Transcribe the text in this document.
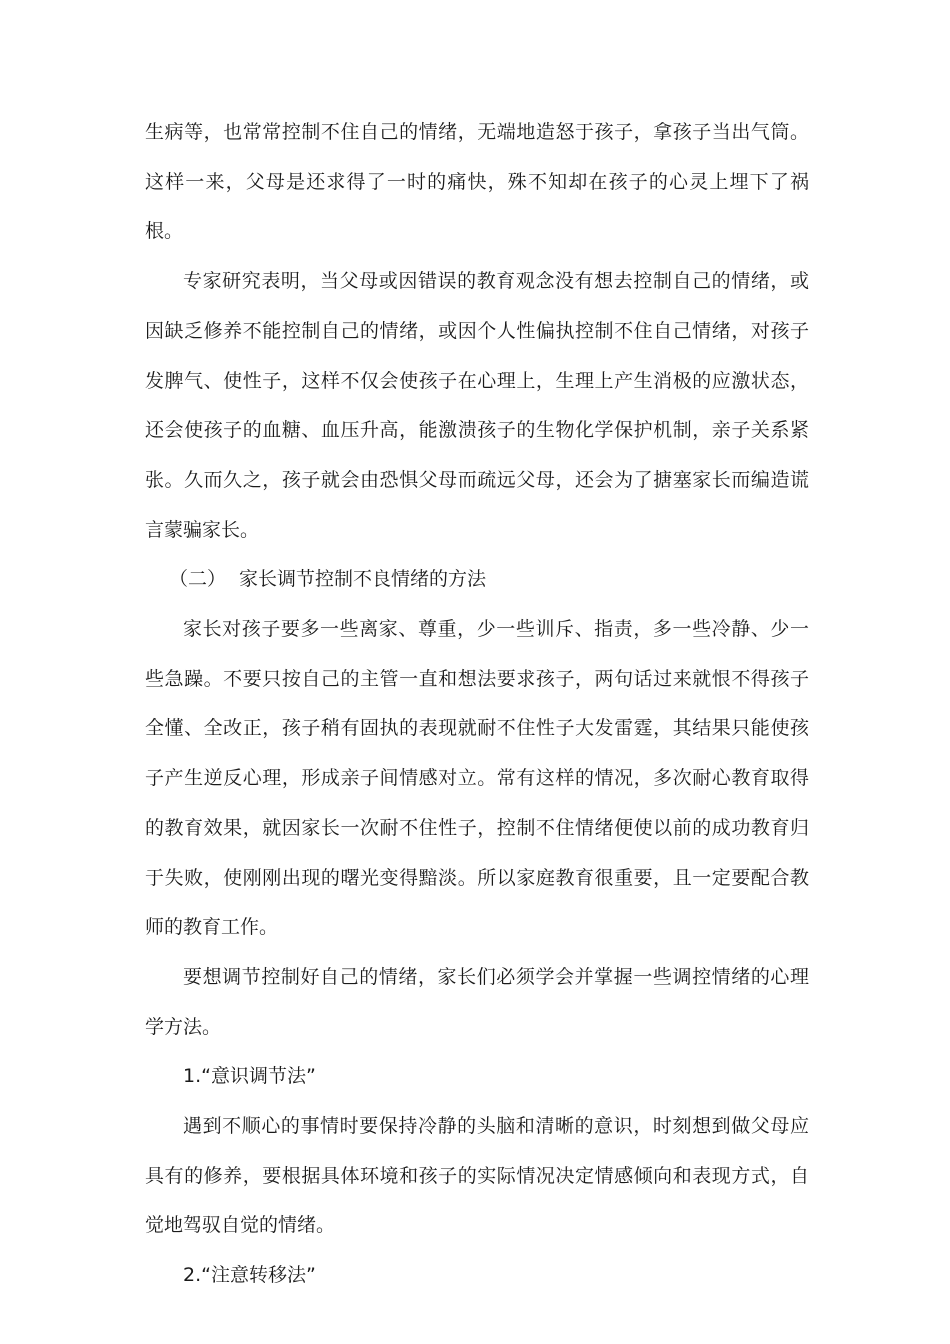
生病等，也常常控制不住自己的情绪，无端地造怒于孩子，拿孩子当出气筒。这样一来，父母是还求得了一时的痛快，殊不知却在孩子的心灵上埋下了祸根。

专家研究表明，当父母或因错误的教育观念没有想去控制自己的情绪，或因缺乏修养不能控制自己的情绪，或因个人性偏执控制不住自己情绪，对孩子发脾气、使性子，这样不仅会使孩子在心理上，生理上产生消极的应激状态，还会使孩子的血糖、血压升高，能激溃孩子的生物化学保护机制，亲子关系紧张。久而久之，孩子就会由恐惧父母而疏远父母，还会为了搪塞家长而编造谎言蒙骗家长。

（二） 家长调节控制不良情绪的方法

家长对孩子要多一些离家、尊重，少一些训斥、指责，多一些冷静、少一些急躁。不要只按自己的主管一直和想法要求孩子，两句话过来就恨不得孩子全懂、全改正，孩子稍有固执的表现就耐不住性子大发雷霆，其结果只能使孩子产生逆反心理，形成亲子间情感对立。常有这样的情况，多次耐心教育取得的教育效果，就因家长一次耐不住性子，控制不住情绪便使以前的成功教育归于失败，使刚刚出现的曙光变得黯淡。所以家庭教育很重要，且一定要配合教师的教育工作。

要想调节控制好自己的情绪，家长们必须学会并掌握一些调控情绪的心理学方法。

1.“意识调节法”

遇到不顺心的事情时要保持冷静的头脑和清晰的意识，时刻想到做父母应具有的修养，要根据具体环境和孩子的实际情况决定情感倾向和表现方式，自觉地驾驭自觉的情绪。

2.“注意转移法”
